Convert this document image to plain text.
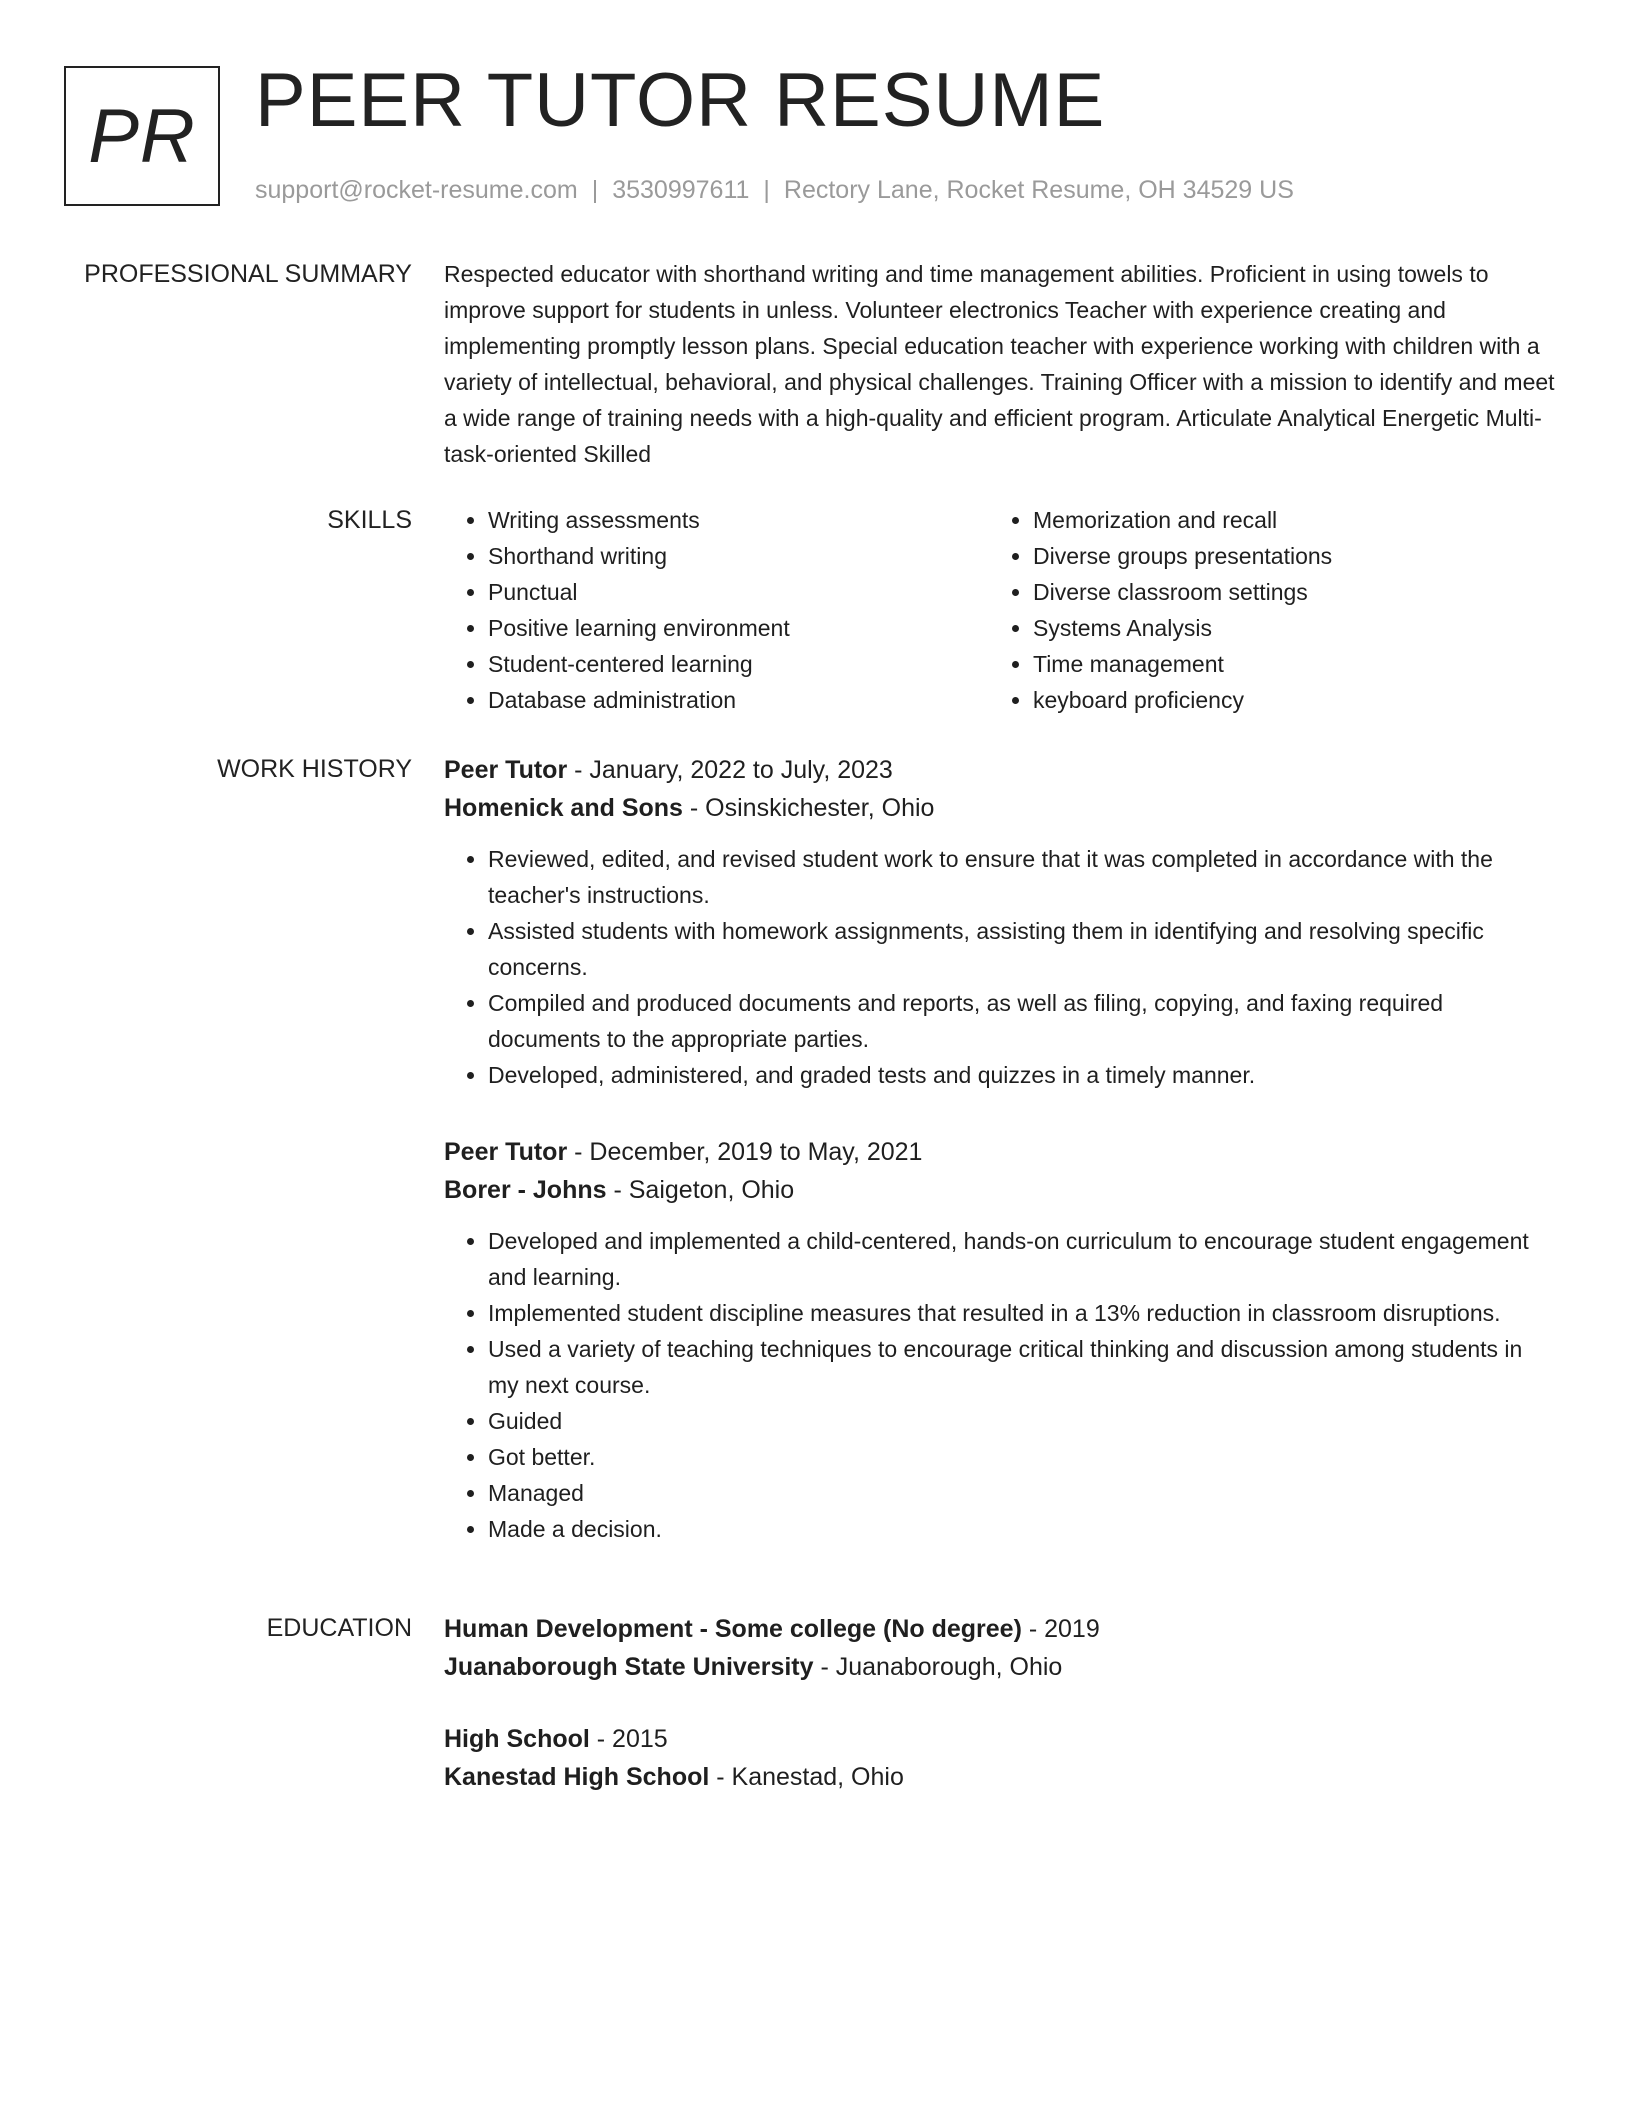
PR PEER TUTOR RESUME
support@rocket-resume.com | 3530997611 | Rectory Lane, Rocket Resume, OH 34529 US
PROFESSIONAL SUMMARY Respected educator with shorthand writing and time management abilities. Proficient in using towels to improve support for students in unless. Volunteer electronics Teacher with experience creating and implementing promptly lesson plans. Special education teacher with experience working with children with a variety of intellectual, behavioral, and physical challenges. Training Officer with a mission to identify and meet a wide range of training needs with a high-quality and efficient program. Articulate Analytical Energetic Multi-task-oriented Skilled

SKILLS
•	Writing assessments
• Shorthand writing
• Punctual
• Positive learning environment
• Student-centered learning
• Database administration
• Memorization and recall
• Diverse groups presentations
• Diverse classroom settings
• Systems Analysis
• Time management
• keyboard proficiency
WORK HISTORY Peer Tutor - January, 2022 to July, 2023
Homenick and Sons - Osinskichester, Ohio
• Reviewed, edited, and revised student work to ensure that it was completed in accordance with the teacher's instructions.
• Assisted students with homework assignments, assisting them in identifying and resolving specific concerns.
• Compiled and produced documents and reports, as well as filing, copying, and faxing required documents to the appropriate parties.
• Developed, administered, and graded tests and quizzes in a timely manner.
Peer Tutor - December, 2019 to May, 2021
Borer - Johns - Saigeton, Ohio
• Developed and implemented a child-centered, hands-on curriculum to encourage student engagement and learning.
• Implemented student discipline measures that resulted in a 13% reduction in classroom disruptions.
• Used a variety of teaching techniques to encourage critical thinking and discussion among students in my next course.
• Guided
• Got better.
• Managed
• Made a decision.
EDUCATION Human Development - Some college (No degree) - 2019
Juanaborough State University - Juanaborough, Ohio
High School - 2015
Kanestad High School - Kanestad, Ohio
